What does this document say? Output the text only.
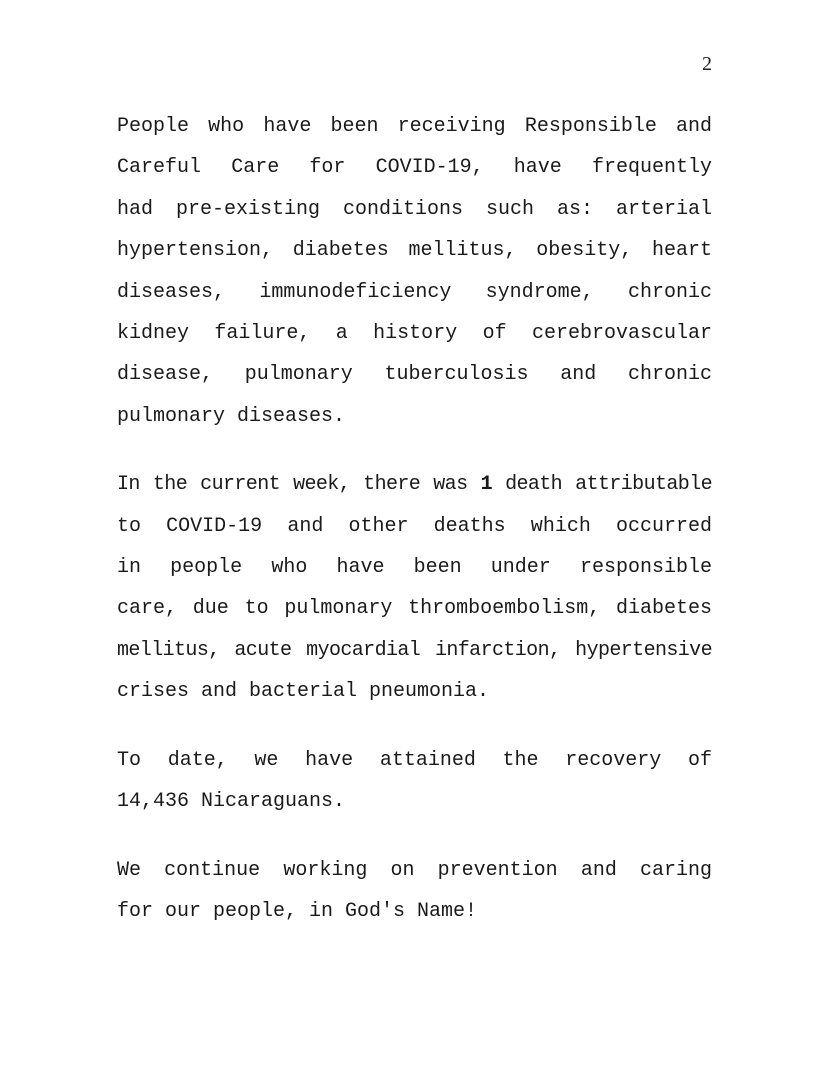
2

People who have been receiving Responsible and
Careful Care for COVID-19, have frequently
had pre-existing conditions such as: arterial
hypertension, diabetes mellitus, obesity, heart
diseases, immunodeficiency syndrome, chronic
kidney failure, a history of cerebrovascular
disease, pulmonary tuberculosis and chronic
pulmonary diseases.

In the current week, there was 1 death attributable
to COVID-19 and other deaths which occurred
in people who have been under responsible
care, due to pulmonary thromboembolism, diabetes
mellitus, acute myocardial infarction, hypertensive
crises and bacterial pneumonia.

To date, we have attained the recovery of
14,436 Nicaraguans.

We continue working on prevention and caring
for our people, in God's Name!
